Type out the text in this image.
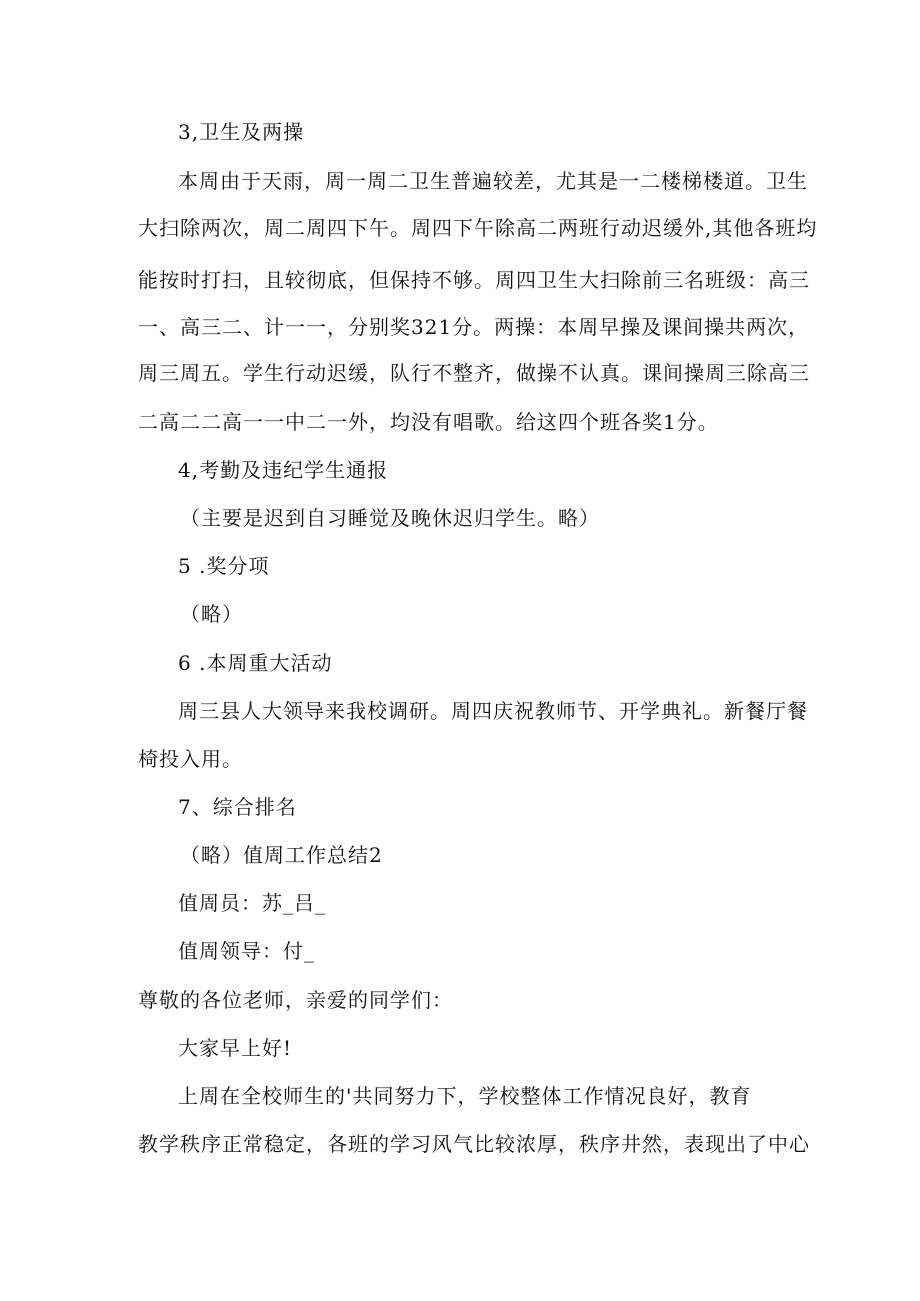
3,卫生及两操
本周由于天雨，周一周二卫生普遍较差，尤其是一二楼梯楼道。卫生
大扫除两次，周二周四下午。周四下午除高二两班行动迟缓外,其他各班均
能按时打扫，且较彻底，但保持不够。周四卫生大扫除前三名班级：高三
一、高三二、计一一，分别奖321分。两操：本周早操及课间操共两次，
周三周五。学生行动迟缓，队行不整齐，做操不认真。课间操周三除高三
二高二二高一一中二一外，均没有唱歌。给这四个班各奖1分。
4,考勤及违纪学生通报
（主要是迟到自习睡觉及晚休迟归学生。略）
5 .奖分项
（略）
6 .本周重大活动
周三县人大领导来我校调研。周四庆祝教师节、开学典礼。新餐厅餐
椅投入用。
7、综合排名
（略）值周工作总结2
值周员：苏_吕_
值周领导：付_
尊敬的各位老师，亲爱的同学们：
大家早上好!
上周在全校师生的'共同努力下，学校整体工作情况良好，教育
教学秩序正常稳定，各班的学习风气比较浓厚，秩序井然，表现出了中心
